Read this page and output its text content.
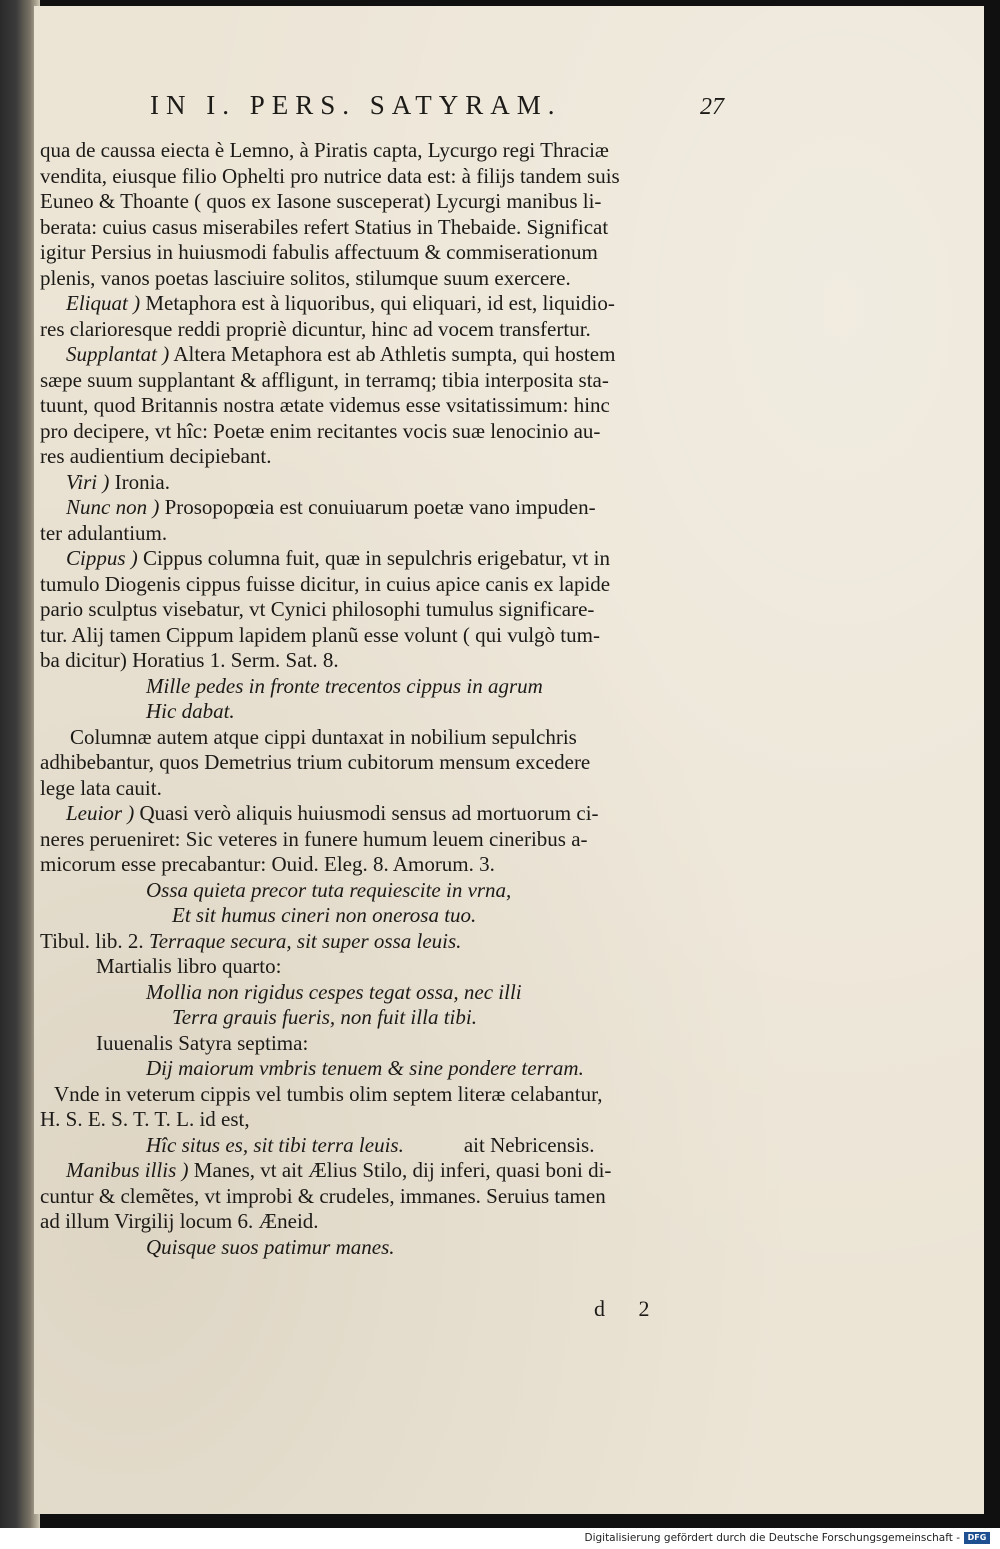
IN I. PERS. SATYRAM.	27
qua de caussa eiecta è Lemno, à Piratis capta, Lycurgo regi Thraciæ
vendita, eiusque filio Ophelti pro nutrice data est: à filijs tandem suis
Euneo & Thoante ( quos ex Iasone susceperat) Lycurgi manibus li-
berata: cuius casus miserabiles refert Statius in Thebaide. Significat
igitur Persius in huiusmodi fabulis affectuum & commiserationum
plenis, vanos poetas lasciuire solitos, stilumque suum exercere.
Eliquat ) Metaphora est à liquoribus, qui eliquari, id est, liquidio-
res clarioresque reddi propriè dicuntur, hinc ad vocem transfertur.
Supplantat ) Altera Metaphora est ab Athletis sumpta, qui hostem
sæpe suum supplantant & affligunt, in terramq; tibia interposita sta-
tuunt, quod Britannis nostra ætate videmus esse vsitatissimum: hinc
pro decipere, vt hîc: Poetæ enim recitantes vocis suæ lenocinio au-
res audientium decipiebant.
Viri ) Ironia.
Nunc non ) Prosopopœia est conuiuarum poetæ vano impuden-
ter adulantium.
Cippus ) Cippus columna fuit, quæ in sepulchris erigebatur, vt in
tumulo Diogenis cippus fuisse dicitur, in cuius apice canis ex lapide
pario sculptus visebatur, vt Cynici philosophi tumulus significare-
tur. Alij tamen Cippum lapidem planũ esse volunt ( qui vulgò tum-
ba dicitur) Horatius 1. Serm. Sat. 8.
Mille pedes in fronte trecentos cippus in agrum
Hic dabat.
Columnæ autem atque cippi duntaxat in nobilium sepulchris
adhibebantur, quos Demetrius trium cubitorum mensum excedere
lege lata cauit.
Leuior ) Quasi verò aliquis huiusmodi sensus ad mortuorum ci-
neres perueniret: Sic veteres in funere humum leuem cineribus a-
micorum esse precabantur: Ouid. Eleg. 8. Amorum. 3.
Ossa quieta precor tuta requiescite in vrna,
Et sit humus cineri non onerosa tuo.
Tibul. lib. 2. Terraque secura, sit super ossa leuis.
Martialis libro quarto:
Mollia non rigidus cespes tegat ossa, nec illi
Terra grauis fueris, non fuit illa tibi.
Iuuenalis Satyra septima:
Dij maiorum vmbris tenuem & sine pondere terram.
Vnde in veterum cippis vel tumbis olim septem literæ celabantur,
H. S. E. S. T. T. L. id est,
Hîc situs es, sit tibi terra leuis.	ait Nebricensis.
Manibus illis ) Manes, vt ait Ælius Stilo, dij inferi, quasi boni di-
cuntur & clemẽtes, vt improbi & crudeles, immanes. Seruius tamen
ad illum Virgilij locum 6. Æneid.
Quisque suos patimur manes.
d 2
Digitalisierung gefördert durch die Deutsche Forschungsgemeinschaft - DFG
